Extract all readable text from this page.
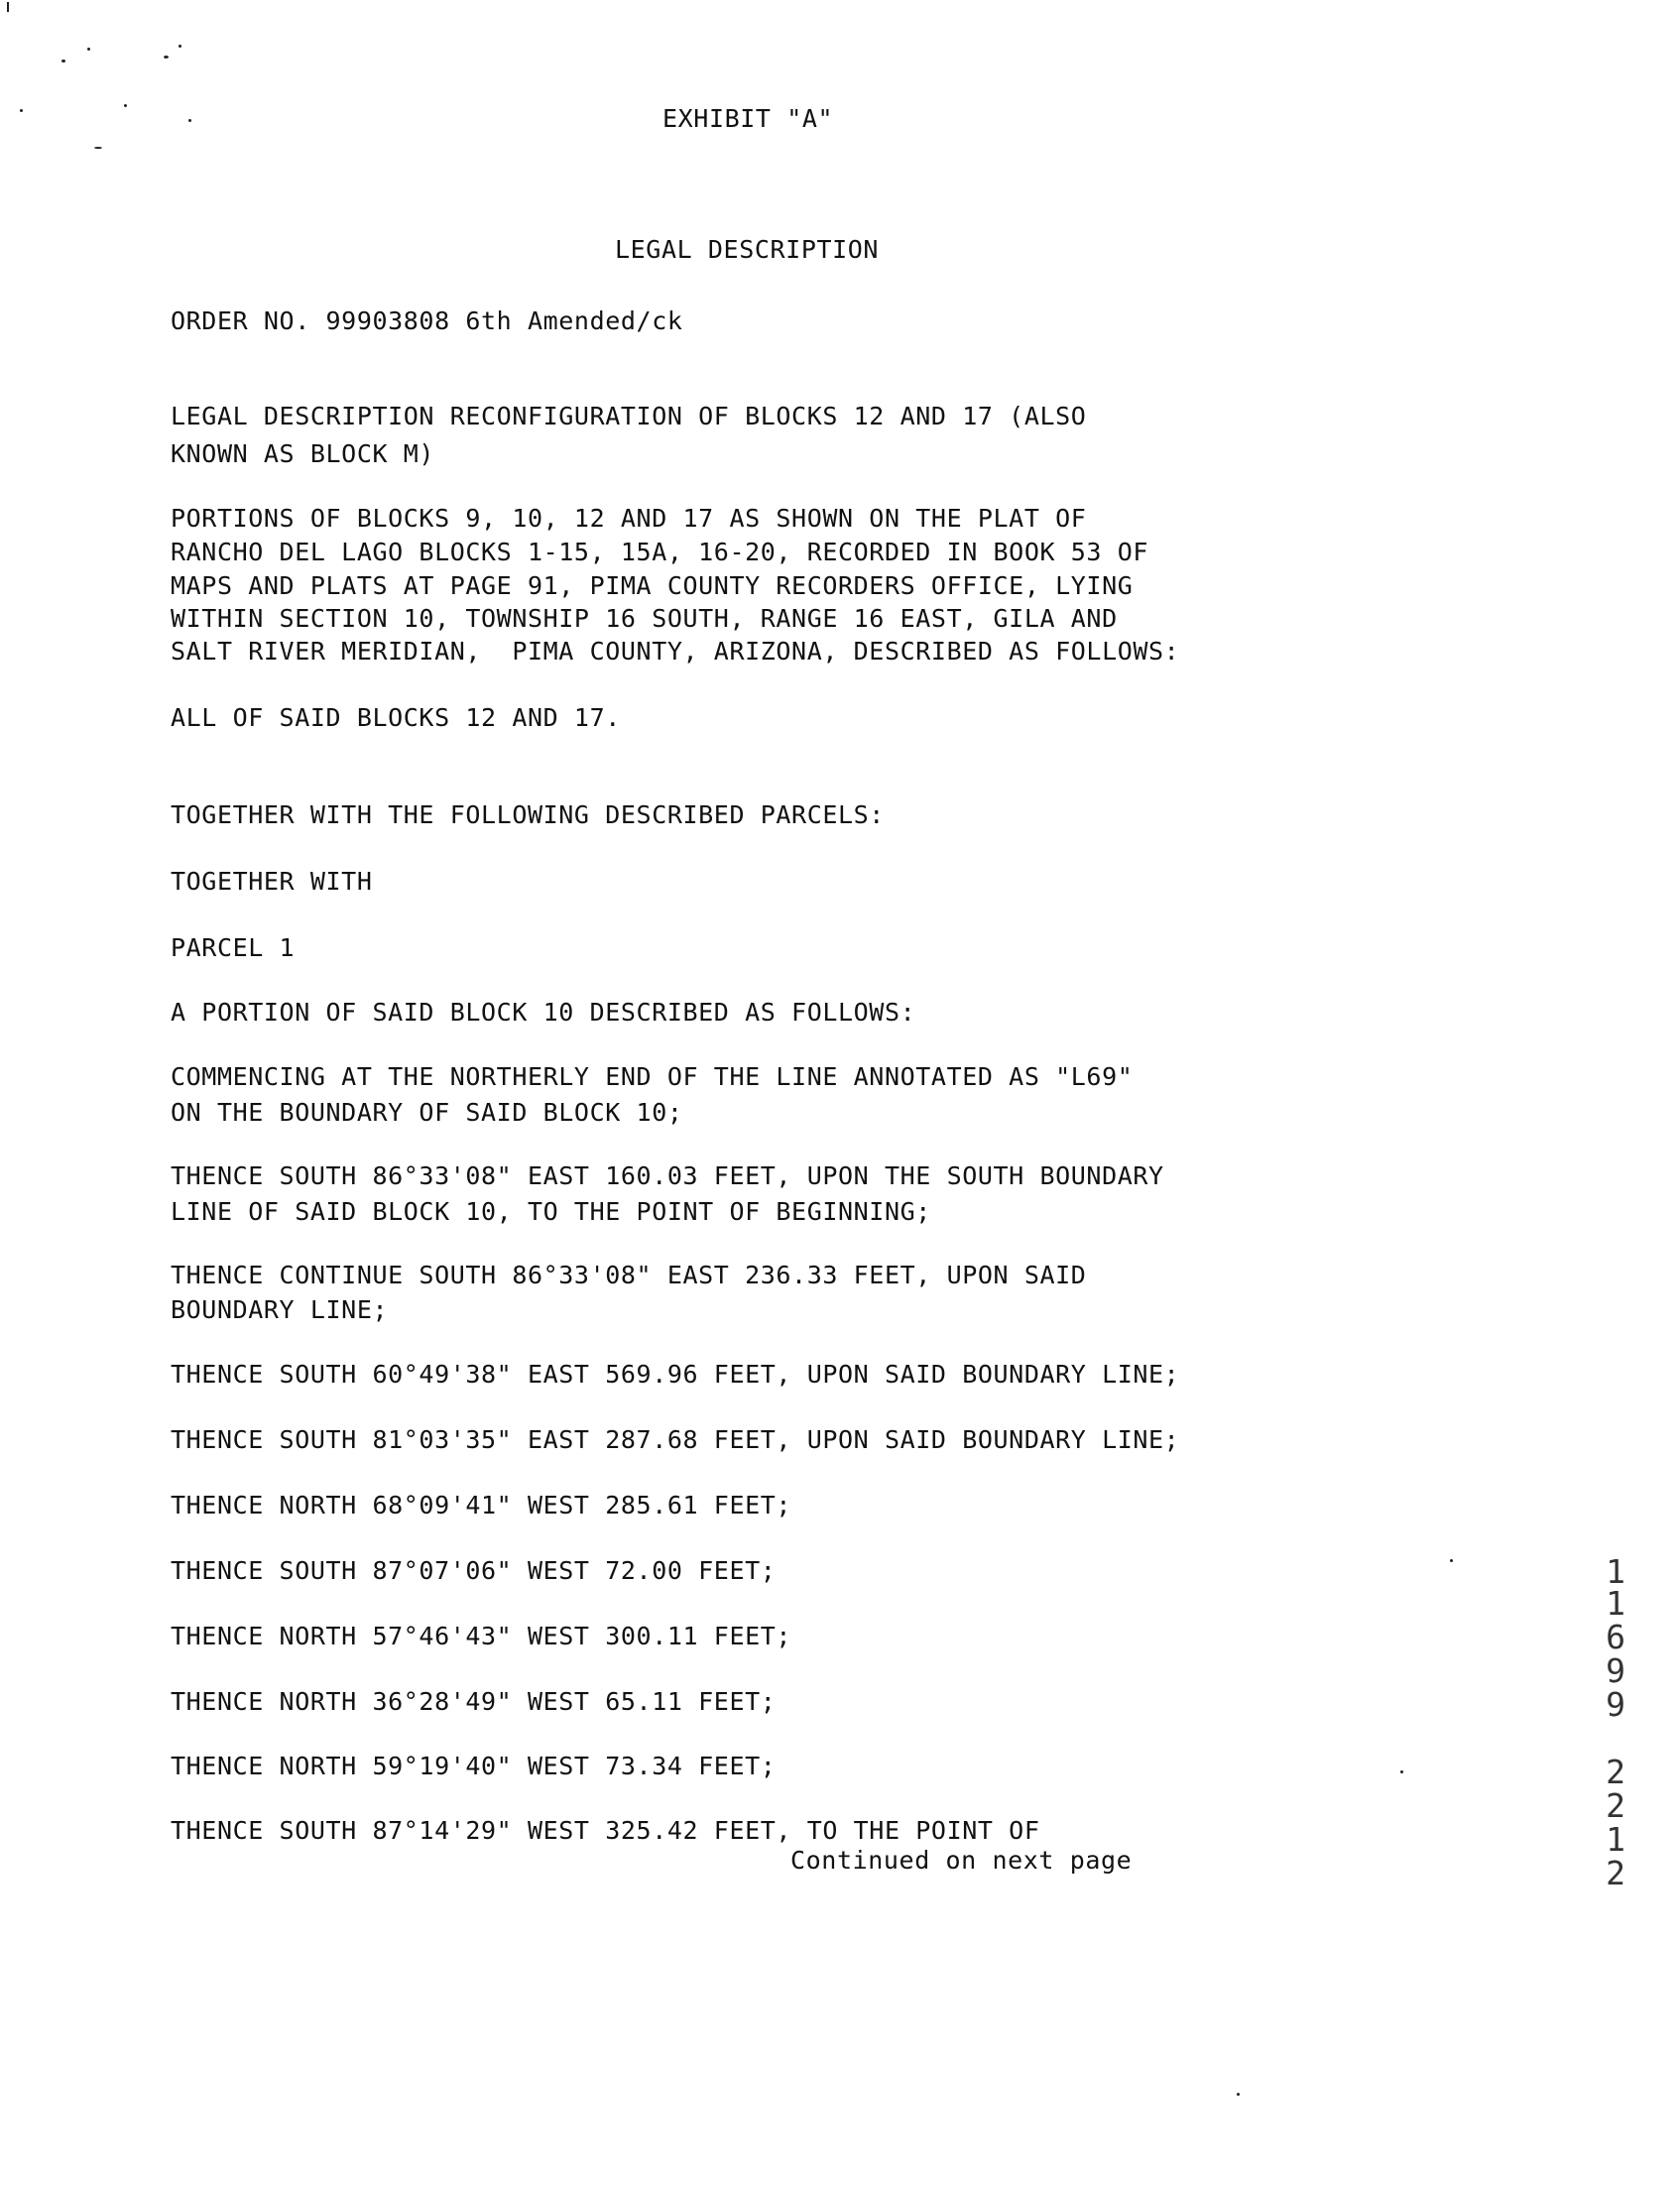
EXHIBIT "A"
LEGAL DESCRIPTION
ORDER NO. 99903808 6th Amended/ck
LEGAL DESCRIPTION RECONFIGURATION OF BLOCKS 12 AND 17 (ALSO
KNOWN AS BLOCK M)
PORTIONS OF BLOCKS 9, 10, 12 AND 17 AS SHOWN ON THE PLAT OF
RANCHO DEL LAGO BLOCKS 1-15, 15A, 16-20, RECORDED IN BOOK 53 OF
MAPS AND PLATS AT PAGE 91, PIMA COUNTY RECORDERS OFFICE, LYING
WITHIN SECTION 10, TOWNSHIP 16 SOUTH, RANGE 16 EAST, GILA AND
SALT RIVER MERIDIAN,  PIMA COUNTY, ARIZONA, DESCRIBED AS FOLLOWS:
ALL OF SAID BLOCKS 12 AND 17.
TOGETHER WITH THE FOLLOWING DESCRIBED PARCELS:
TOGETHER WITH
PARCEL 1
A PORTION OF SAID BLOCK 10 DESCRIBED AS FOLLOWS:
COMMENCING AT THE NORTHERLY END OF THE LINE ANNOTATED AS "L69"
ON THE BOUNDARY OF SAID BLOCK 10;
THENCE SOUTH 86°33'08" EAST 160.03 FEET, UPON THE SOUTH BOUNDARY
LINE OF SAID BLOCK 10, TO THE POINT OF BEGINNING;
THENCE CONTINUE SOUTH 86°33'08" EAST 236.33 FEET, UPON SAID
BOUNDARY LINE;
THENCE SOUTH 60°49'38" EAST 569.96 FEET, UPON SAID BOUNDARY LINE;
THENCE SOUTH 81°03'35" EAST 287.68 FEET, UPON SAID BOUNDARY LINE;
THENCE NORTH 68°09'41" WEST 285.61 FEET;
THENCE SOUTH 87°07'06" WEST 72.00 FEET;
THENCE NORTH 57°46'43" WEST 300.11 FEET;
THENCE NORTH 36°28'49" WEST 65.11 FEET;
THENCE NORTH 59°19'40" WEST 73.34 FEET;
THENCE SOUTH 87°14'29" WEST 325.42 FEET, TO THE POINT OF
Continued on next page
1
1
6
9
9
2
2
1
2
